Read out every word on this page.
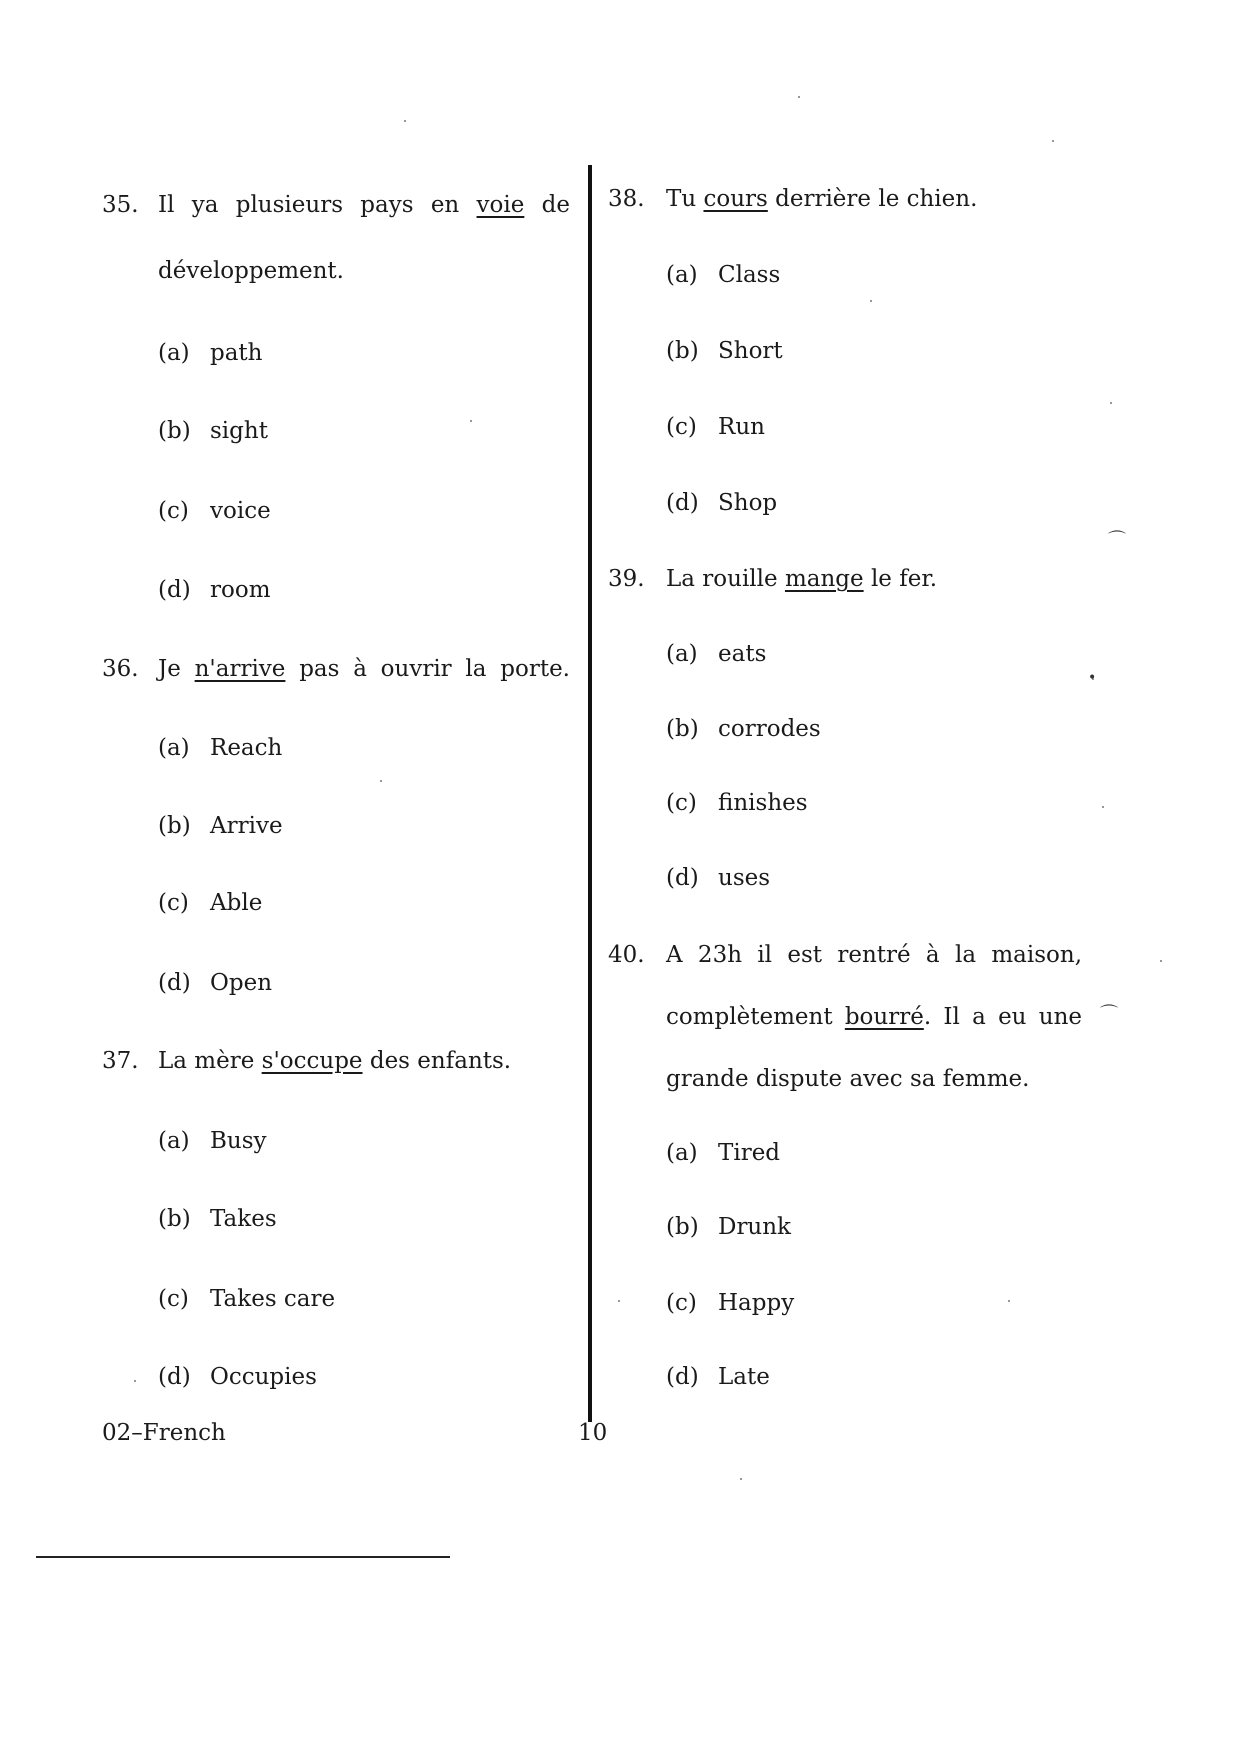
35. Il ya plusieurs pays en voie de
développement.
(a) path
(b) sight
(c) voice
(d) room
36. Je n'arrive pas à ouvrir la porte.
(a) Reach
(b) Arrive
(c) Able
(d) Open
37. La mère s'occupe des enfants.
(a) Busy
(b) Takes
(c) Takes care
(d) Occupies
38. Tu cours derrière le chien.
(a) Class
(b) Short
(c) Run
(d) Shop
39. La rouille mange le fer.
(a) eats
(b) corrodes
(c) finishes
(d) uses
40. A 23h il est rentré à la maison,
complètement bourré. Il a eu une
grande dispute avec sa femme.
(a) Tired
(b) Drunk
(c) Happy
(d) Late
02–French	10
⌒
⌒
•
